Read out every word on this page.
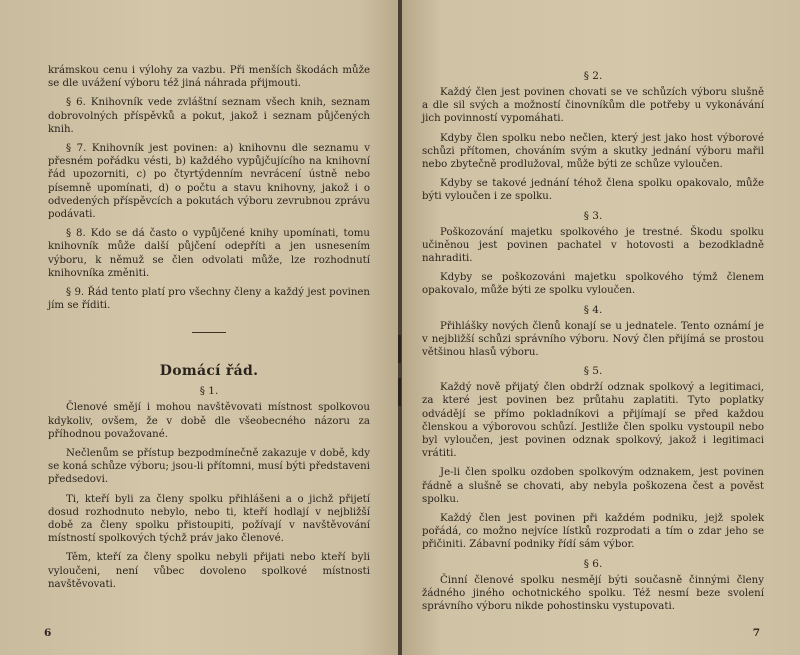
krámskou cenu i výlohy za vazbu. Při menších škodách může se dle uvážení výboru též jiná náhrada přijmouti.

§ 6. Knihovník vede zvláštní seznam všech knih, seznam dobrovolných příspěvků a pokut, jakož i seznam půjčených knih.

§ 7. Knihovník jest povinen: a) knihovnu dle seznamu v přesném pořádku vésti, b) každého vypůjčujícího na knihovní řád upozorniti, c) po čtyrtýdenním nevrácení ústně nebo písemně upomínati, d) o počtu a stavu knihovny, jakož i o odvedených příspěvcích a pokutách výboru zevrubnou zprávu podávati.

§ 8. Kdo se dá často o vypůjčené knihy upomínati, tomu knihovník může další půjčení odepříti a jen usnesením výboru, k němuž se člen odvolati může, lze rozhodnutí knihovníka změniti.

§ 9. Řád tento platí pro všechny členy a každý jest povinen jím se říditi.

Domácí řád.
§ 1.

Členové smějí i mohou navštěvovati místnost spolkovou kdykoliv, ovšem, že v době dle všeobecného názoru za příhodnou považované.

Nečlenům se přístup bezpodmínečně zakazuje v době, kdy se koná schůze výboru; jsou-li přítomni, musí býti představeni předsedovi.

Ti, kteří byli za členy spolku přihlášeni a o jichž přijetí dosud rozhodnuto nebylo, nebo ti, kteří hodlají v nejbližší době za členy spolku přistoupiti, požívají v navštěvování místností spolkových týchž práv jako členové.

Těm, kteří za členy spolku nebyli přijati nebo kteří byli vyloučeni, není vůbec dovoleno spolkové místnosti navštěvovati.

6
§ 2.

Každý člen jest povinen chovati se ve schůzích výboru slušně a dle sil svých a možností činovníkům dle potřeby u vykonávání jich povinností vypomáhati.

Kdyby člen spolku nebo nečlen, který jest jako host výborové schůzi přítomen, chováním svým a skutky jednání výboru mařil nebo zbytečně prodlužoval, může býti ze schůze vyloučen.

Kdyby se takové jednání téhož člena spolku opakovalo, může býti vyloučen i ze spolku.

§ 3.

Poškozování majetku spolkového je trestné. Škodu spolku učiněnou jest povinen pachatel v hotovosti a bezodkladně nahraditi.

Kdyby se poškozováni majetku spolkového týmž členem opakovalo, může býti ze spolku vyloučen.

§ 4.

Přihlášky nových členů konají se u jednatele. Tento oznámí je v nejbližší schůzi správního výboru. Nový člen přijímá se prostou většinou hlasů výboru.

§ 5.

Každý nově přijatý člen obdrží odznak spolkový a legitimaci, za které jest povinen bez průtahu zaplatiti. Tyto poplatky odvádějí se přímo pokladníkovi a přijímají se před každou členskou a výborovou schůzí. Jestliže člen spolku vystoupil nebo byl vyloučen, jest povinen odznak spolkový, jakož i legitimaci vrátiti.

Je-li člen spolku ozdoben spolkovým odznakem, jest povinen řádně a slušně se chovati, aby nebyla poškozena čest a pověst spolku.

Každý člen jest povinen při každém podniku, jejž spolek pořádá, co možno nejvíce lístků rozprodati a tím o zdar jeho se přičiniti. Zábavní podniky řídí sám výbor.

§ 6.

Činní členové spolku nesmějí býti současně činnými členy žádného jiného ochotnického spolku. Též nesmí beze svolení správního výboru nikde pohostinsku vystupovati.

7
